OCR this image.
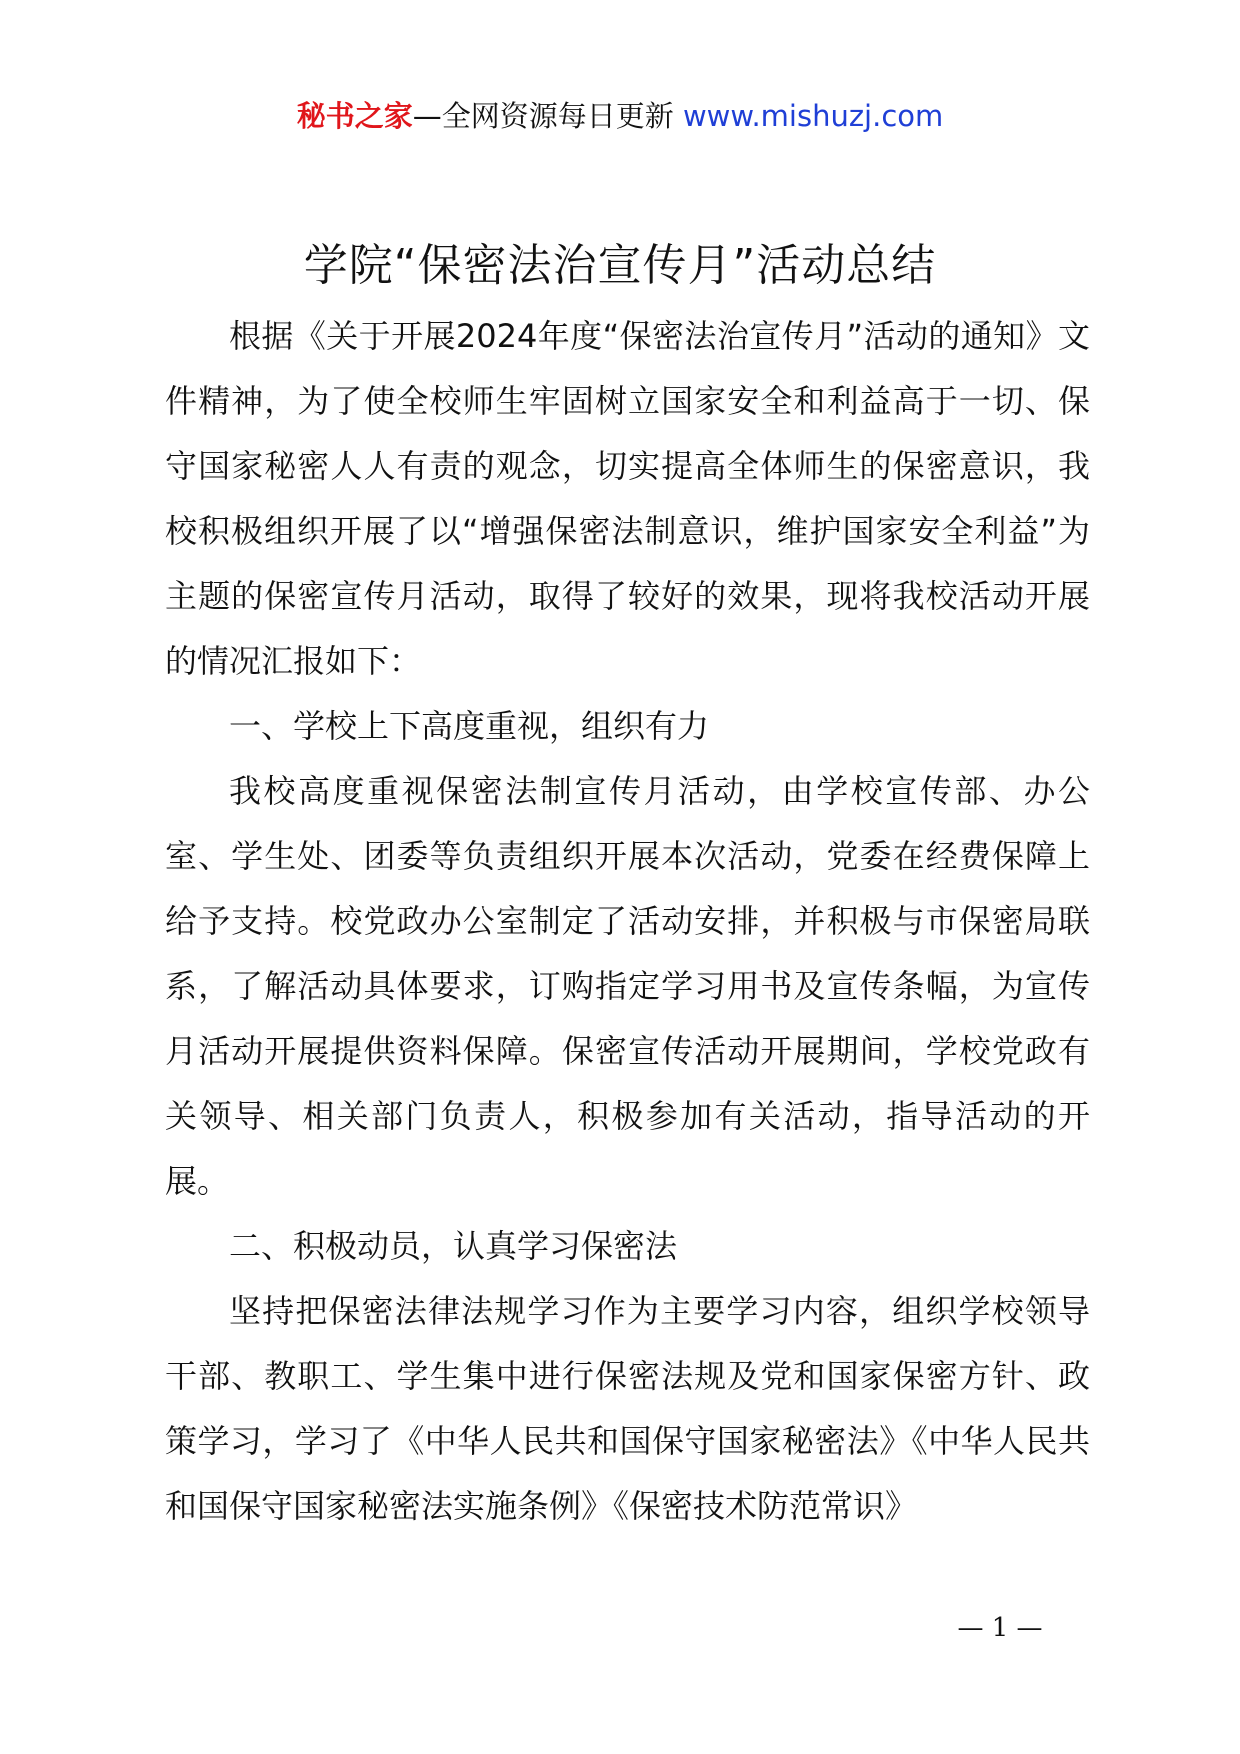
秘书之家—全网资源每日更新 www.mishuzj.com
学院“保密法治宣传月”活动总结

根据《关于开展2024年度“保密法治宣传月”活动的通知》文件精神，为了使全校师生牢固树立国家安全和利益高于一切、保守国家秘密人人有责的观念，切实提高全体师生的保密意识，我校积极组织开展了以“增强保密法制意识，维护国家安全利益”为主题的保密宣传月活动，取得了较好的效果，现将我校活动开展的情况汇报如下：

一、学校上下高度重视，组织有力

我校高度重视保密法制宣传月活动，由学校宣传部、办公室、学生处、团委等负责组织开展本次活动，党委在经费保障上给予支持。校党政办公室制定了活动安排，并积极与市保密局联系，了解活动具体要求，订购指定学习用书及宣传条幅，为宣传月活动开展提供资料保障。保密宣传活动开展期间，学校党政有关领导、相关部门负责人，积极参加有关活动，指导活动的开展。

二、积极动员，认真学习保密法

坚持把保密法律法规学习作为主要学习内容，组织学校领导干部、教职工、学生集中进行保密法规及党和国家保密方针、政策学习，学习了《中华人民共和国保守国家秘密法》《中华人民共和国保守国家秘密法实施条例》《保密技术防范常识》

— 1 —
